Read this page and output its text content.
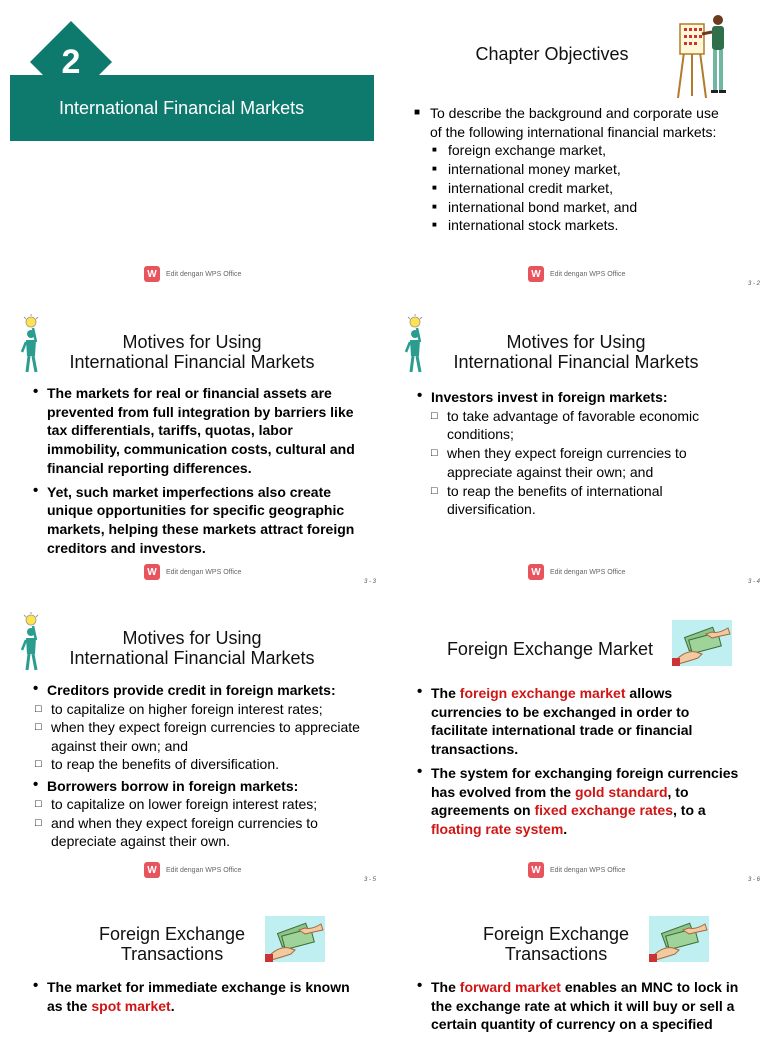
International Financial Markets
2
W	Edit dengan WPS Office
Chapter Objectives
■ To describe the background and corporate use of the following international financial markets:
■ foreign exchange market,
■ international money market,
■ international credit market,
■ international bond market, and
■ international stock markets.
W	Edit dengan WPS Office
3 - 2
Motives for Using
International Financial Markets
• The markets for real or financial assets are prevented from full integration by barriers like tax differentials, tariffs, quotas, labor immobility, communication costs, cultural and financial reporting differences.
• Yet, such market imperfections also create unique opportunities for specific geographic markets, helping these markets attract foreign creditors and investors.
W	Edit dengan WPS Office
3 - 3
Motives for Using
International Financial Markets
• Investors invest in foreign markets:
□ to take advantage of favorable economic conditions;
□ when they expect foreign currencies to appreciate against their own; and
□ to reap the benefits of international diversification.
W	Edit dengan WPS Office
3 - 4
Motives for Using
International Financial Markets
• Creditors provide credit in foreign markets:
□ to capitalize on higher foreign interest rates;
□ when they expect foreign currencies to appreciate against their own; and
□ to reap the benefits of diversification.
• Borrowers borrow in foreign markets:
□ to capitalize on lower foreign interest rates;
□ and when they expect foreign currencies to depreciate against their own.
W	Edit dengan WPS Office
3 - 5
Foreign Exchange Market
• The foreign exchange market allows currencies to be exchanged in order to facilitate international trade or financial transactions.
• The system for exchanging foreign currencies has evolved from the gold standard, to agreements on fixed exchange rates, to a floating rate system.
W	Edit dengan WPS Office
3 - 6
Foreign Exchange
Transactions
• The market for immediate exchange is known as the spot market.
Foreign Exchange
Transactions
• The forward market enables an MNC to lock in the exchange rate at which it will buy or sell a certain quantity of currency on a specified
